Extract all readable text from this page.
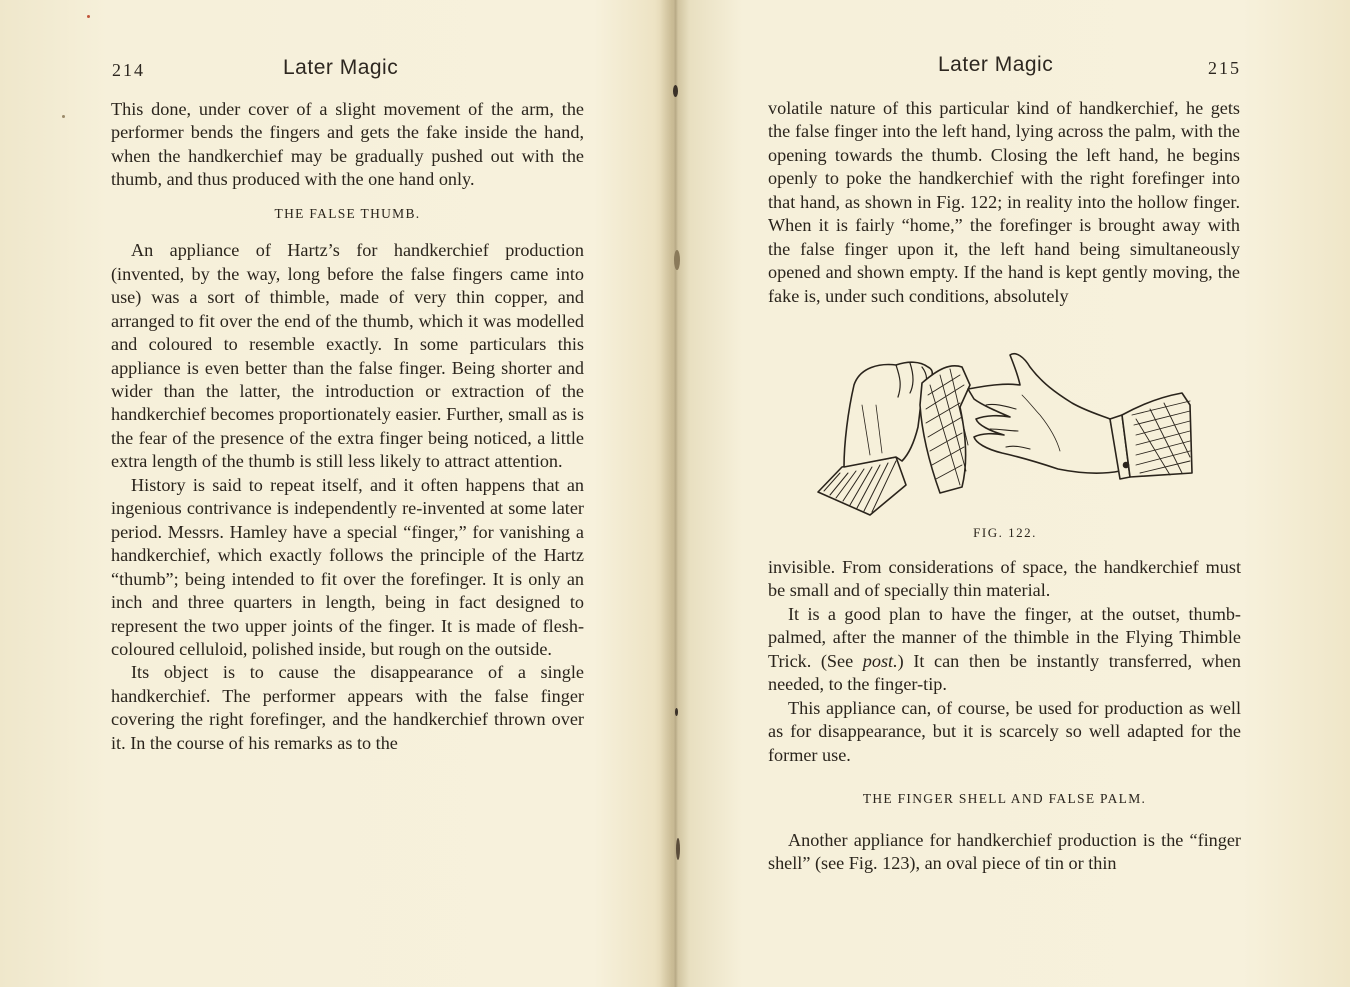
214	Later Magic

This done, under cover of a slight movement of the arm, the performer bends the fingers and gets the fake inside the hand, when the handkerchief may be gradually pushed out with the thumb, and thus produced with the one hand only.

THE FALSE THUMB.

An appliance of Hartz’s for handkerchief production (invented, by the way, long before the false fingers came into use) was a sort of thimble, made of very thin copper, and arranged to fit over the end of the thumb, which it was modelled and coloured to resemble exactly. In some particulars this appliance is even better than the false finger. Being shorter and wider than the latter, the introduction or extraction of the handkerchief becomes proportionately easier. Further, small as is the fear of the presence of the extra finger being noticed, a little extra length of the thumb is still less likely to attract attention.

History is said to repeat itself, and it often happens that an ingenious contrivance is independently re-invented at some later period. Messrs. Hamley have a special “finger,” for vanishing a handkerchief, which exactly follows the principle of the Hartz “thumb”; being intended to fit over the forefinger. It is only an inch and three quarters in length, being in fact designed to represent the two upper joints of the finger. It is made of flesh-coloured celluloid, polished inside, but rough on the outside.

Its object is to cause the disappearance of a single handkerchief. The performer appears with the false finger covering the right forefinger, and the handkerchief thrown over it. In the course of his remarks as to the

Later Magic	215

volatile nature of this particular kind of handkerchief, he gets the false finger into the left hand, lying across the palm, with the opening towards the thumb. Closing the left hand, he begins openly to poke the handkerchief with the right forefinger into that hand, as shown in Fig. 122; in reality into the hollow finger. When it is fairly “home,” the forefinger is brought away with the false finger upon it, the left hand being simultaneously opened and shown empty. If the hand is kept gently moving, the fake is, under such conditions, absolutely

FIG. 122.

invisible. From considerations of space, the handkerchief must be small and of specially thin material.

It is a good plan to have the finger, at the outset, thumb-palmed, after the manner of the thimble in the Flying Thimble Trick. (See post.) It can then be instantly transferred, when needed, to the finger-tip.

This appliance can, of course, be used for production as well as for disappearance, but it is scarcely so well adapted for the former use.

THE FINGER SHELL AND FALSE PALM.

Another appliance for handkerchief production is the “finger shell” (see Fig. 123), an oval piece of tin or thin
